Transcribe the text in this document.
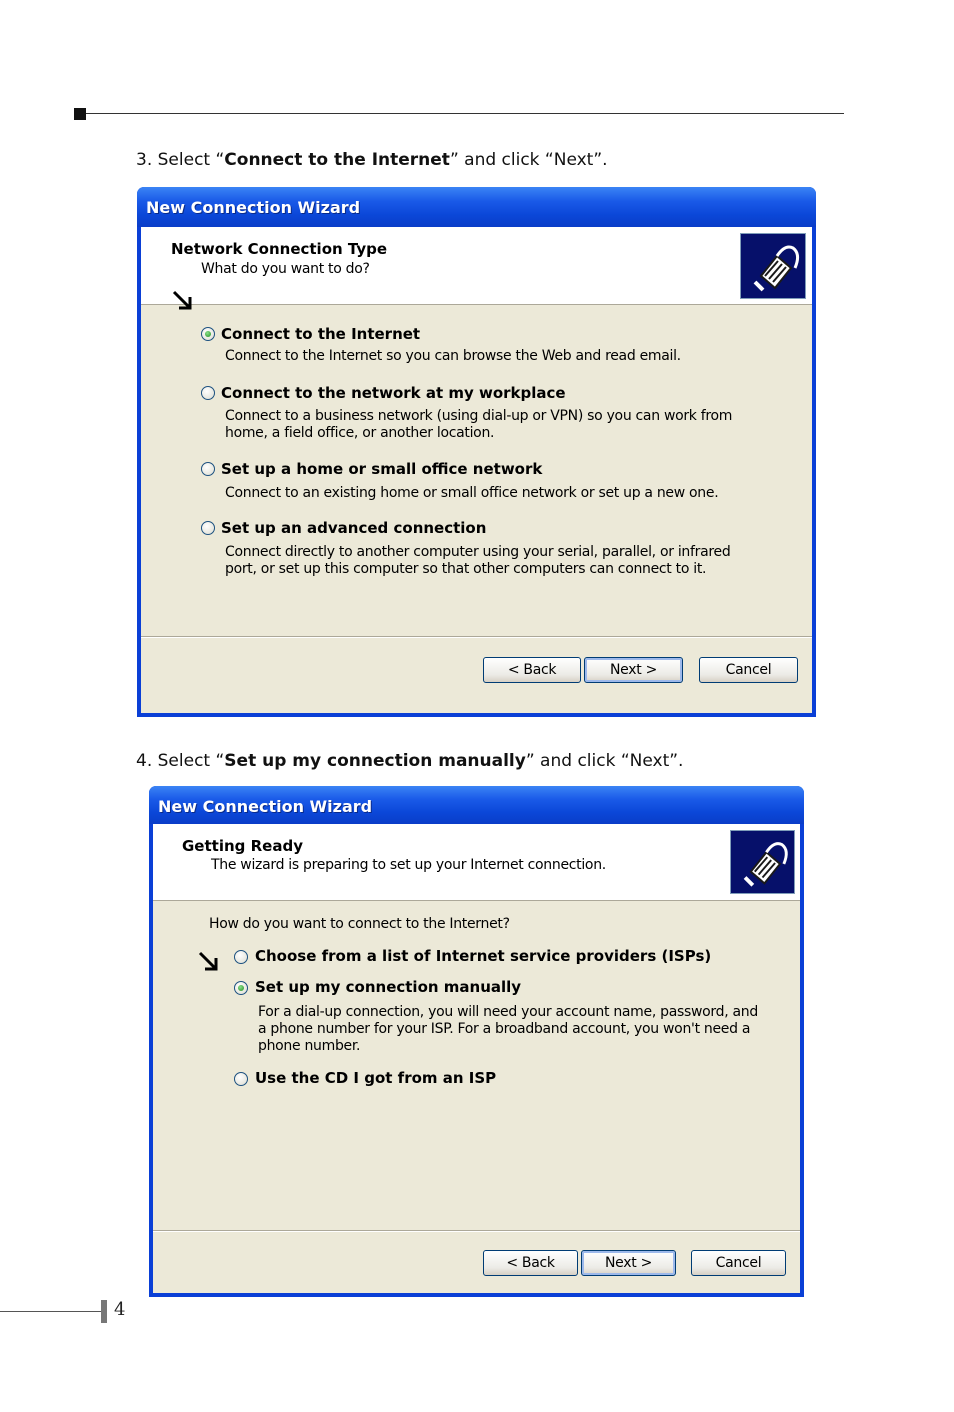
3. Select “Connect to the Internet” and click “Next”.
New Connection Wizard
Network Connection Type
What do you want to do?
Connect to the Internet
Connect to the Internet so you can browse the Web and read email.
Connect to the network at my workplace
Connect to a business network (using dial-up or VPN) so you can work from home, a field office, or another location.
Set up a home or small office network
Connect to an existing home or small office network or set up a new one.
Set up an advanced connection
Connect directly to another computer using your serial, parallel, or infrared port, or set up this computer so that other computers can connect to it.
< Back	Next >	Cancel
4. Select “Set up my connection manually” and click “Next”.
New Connection Wizard
Getting Ready
The wizard is preparing to set up your Internet connection.
How do you want to connect to the Internet?
Choose from a list of Internet service providers (ISPs)
Set up my connection manually
For a dial-up connection, you will need your account name, password, and a phone number for your ISP. For a broadband account, you won't need a phone number.
Use the CD I got from an ISP
< Back	Next >	Cancel
4
